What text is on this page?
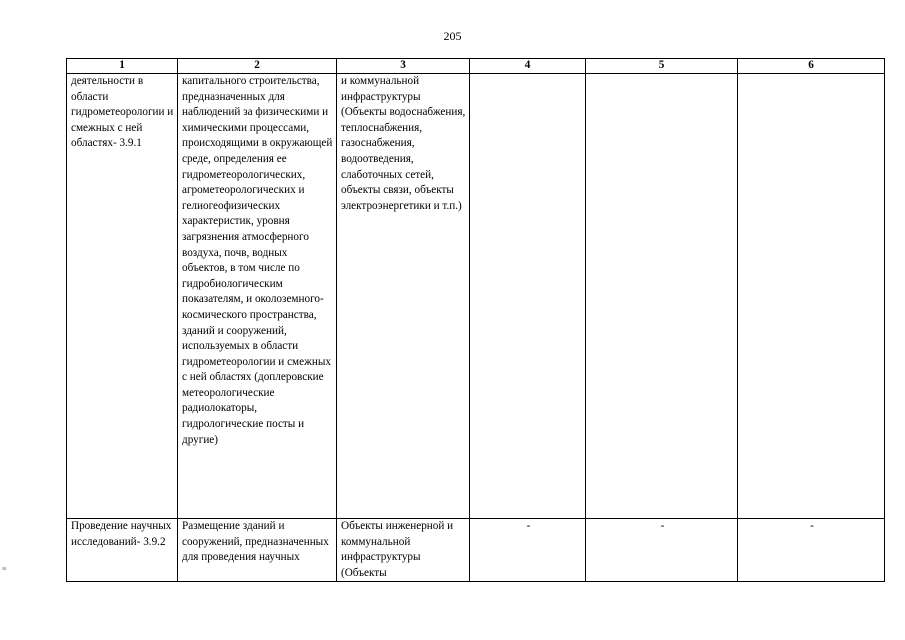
205
1	2	3	4	5	6
деятельности в области гидрометеорологии и смежных с ней областях- 3.9.1	капитального строительства, предназначенных для наблюдений за физическими и химическими процессами, происходящими в окружающей среде, определения ее гидрометеорологических, агрометеорологических и гелиогеофизических характеристик, уровня загрязнения атмосферного воздуха, почв, водных объектов, в том числе по гидробиологическим показателям, и околоземного- космического пространства, зданий и сооружений, используемых в области гидрометеорологии и смежных с ней областях (доплеровские метеорологические радиолокаторы, гидрологические посты и другие)	и коммунальной инфраструктуры (Объекты водоснабжения, теплоснабжения, газоснабжения, водоотведения, слаботочных сетей, объекты связи, объекты электроэнергетики и т.п.)			
Проведение научных исследований- 3.9.2	Размещение зданий и сооружений, предназначенных для проведения научных	Объекты инженерной и коммунальной инфраструктуры (Объекты	-	-	-
≡
